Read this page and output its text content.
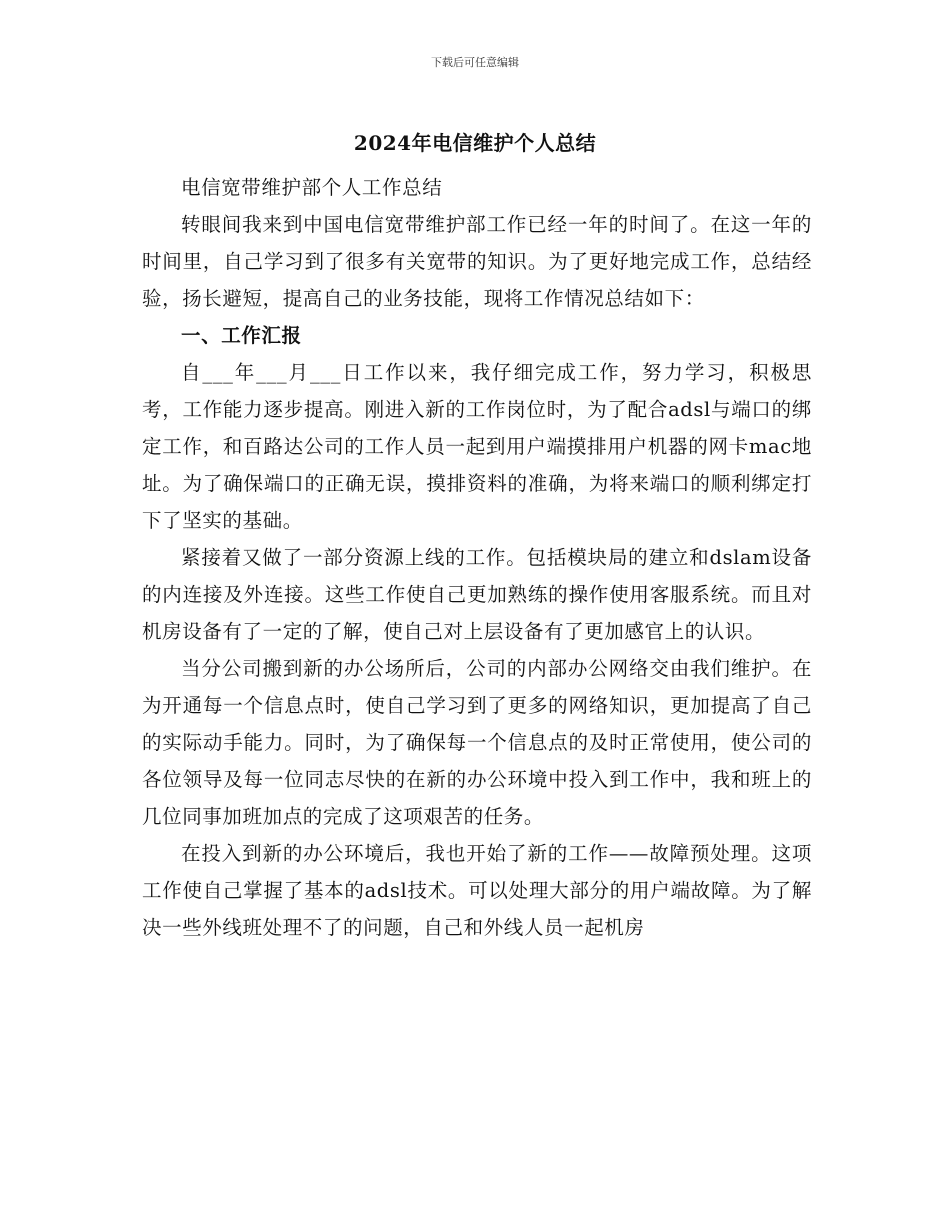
下载后可任意编辑
2024年电信维护个人总结

电信宽带维护部个人工作总结

转眼间我来到中国电信宽带维护部工作已经一年的时间了。在这一年的时间里，自己学习到了很多有关宽带的知识。为了更好地完成工作，总结经验，扬长避短，提高自己的业务技能，现将工作情况总结如下：

一、工作汇报

自___年___月___日工作以来，我仔细完成工作，努力学习，积极思考，工作能力逐步提高。刚进入新的工作岗位时，为了配合adsl与端口的绑定工作，和百路达公司的工作人员一起到用户端摸排用户机器的网卡mac地址。为了确保端口的正确无误，摸排资料的准确，为将来端口的顺利绑定打下了坚实的基础。

紧接着又做了一部分资源上线的工作。包括模块局的建立和dslam设备的内连接及外连接。这些工作使自己更加熟练的操作使用客服系统。而且对机房设备有了一定的了解，使自己对上层设备有了更加感官上的认识。

当分公司搬到新的办公场所后，公司的内部办公网络交由我们维护。在为开通每一个信息点时，使自己学习到了更多的网络知识，更加提高了自己的实际动手能力。同时，为了确保每一个信息点的及时正常使用，使公司的各位领导及每一位同志尽快的在新的办公环境中投入到工作中，我和班上的几位同事加班加点的完成了这项艰苦的任务。

在投入到新的办公环境后，我也开始了新的工作——故障预处理。这项工作使自己掌握了基本的adsl技术。可以处理大部分的用户端故障。为了解决一些外线班处理不了的问题，自己和外线人员一起机房
